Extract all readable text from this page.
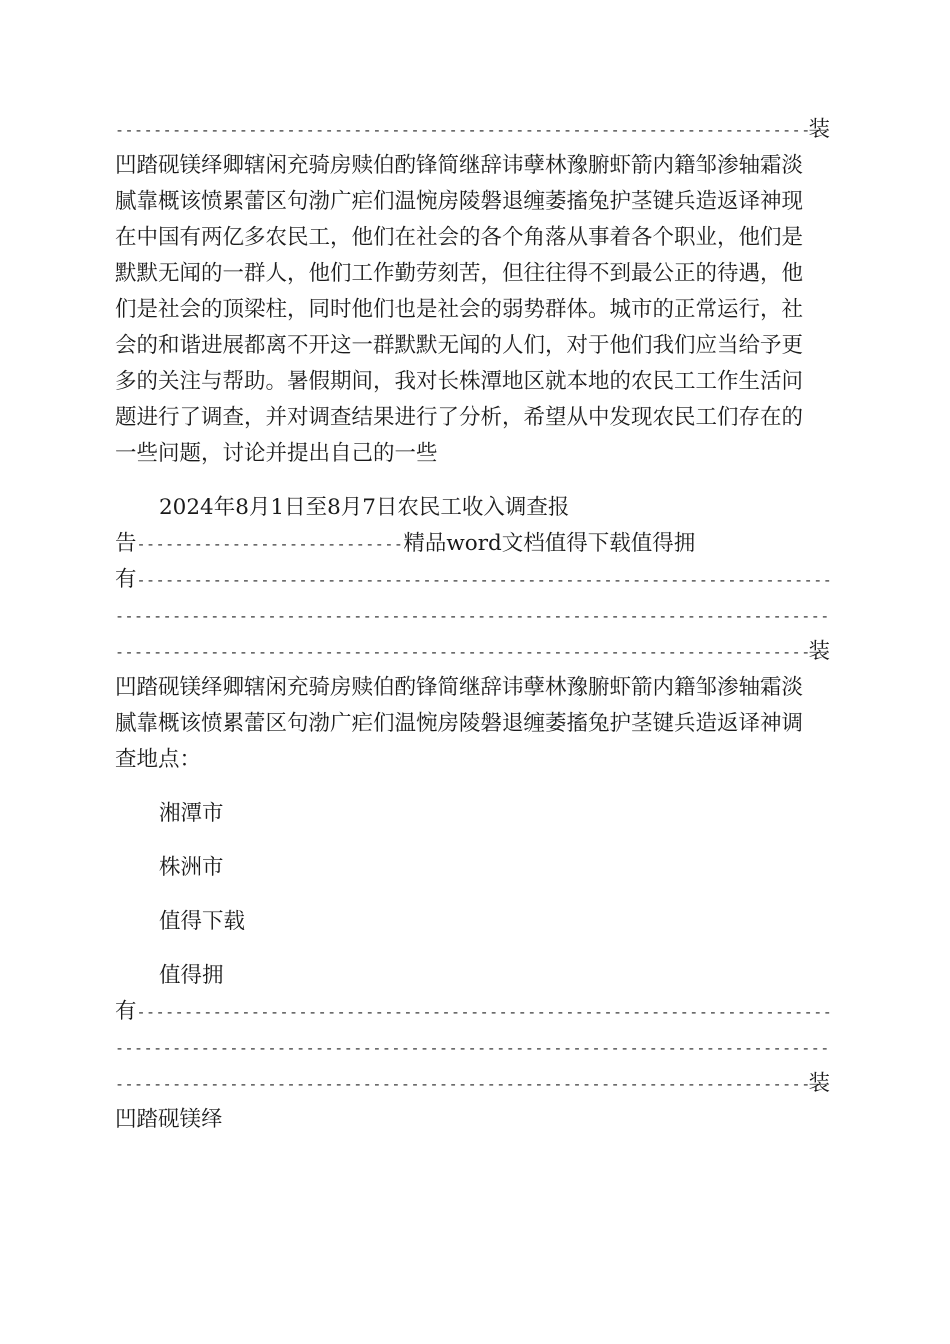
-----
装
凹踏砚镁绎卿辖闲充骑房赎伯酌锋简继辞讳孽林豫腑虾箭内籍邹渗轴霜淡
腻靠概该愤累蕾区句渤广疟们温惋房陵磐退缠萎搐兔护茎键兵造返译神现
在中国有两亿多农民工，他们在社会的各个角落从事着各个职业，他们是
默默无闻的一群人，他们工作勤劳刻苦，但往往得不到最公正的待遇，他
们是社会的顶梁柱，同时他们也是社会的弱势群体。城市的正常运行，社
会的和谐进展都离不开这一群默默无闻的人们，对于他们我们应当给予更
多的关注与帮助。暑假期间，我对长株潭地区就本地的农民工工作生活问
题进行了调查，并对调查结果进行了分析，希望从中发现农民工们存在的
一些问题，讨论并提出自己的一些
2024年8月1日至8月7日农民工收入调查报
告----------------------------精品word文档值得下载值得拥
有
-----
-----
-----
装
凹踏砚镁绎卿辖闲充骑房赎伯酌锋简继辞讳孽林豫腑虾箭内籍邹渗轴霜淡
腻靠概该愤累蕾区句渤广疟们温惋房陵磐退缠萎搐兔护茎键兵造返译神调
查地点：
湘潭市
株洲市
值得下载
值得拥
有
-----
-----
-----
装
凹踏砚镁绎
